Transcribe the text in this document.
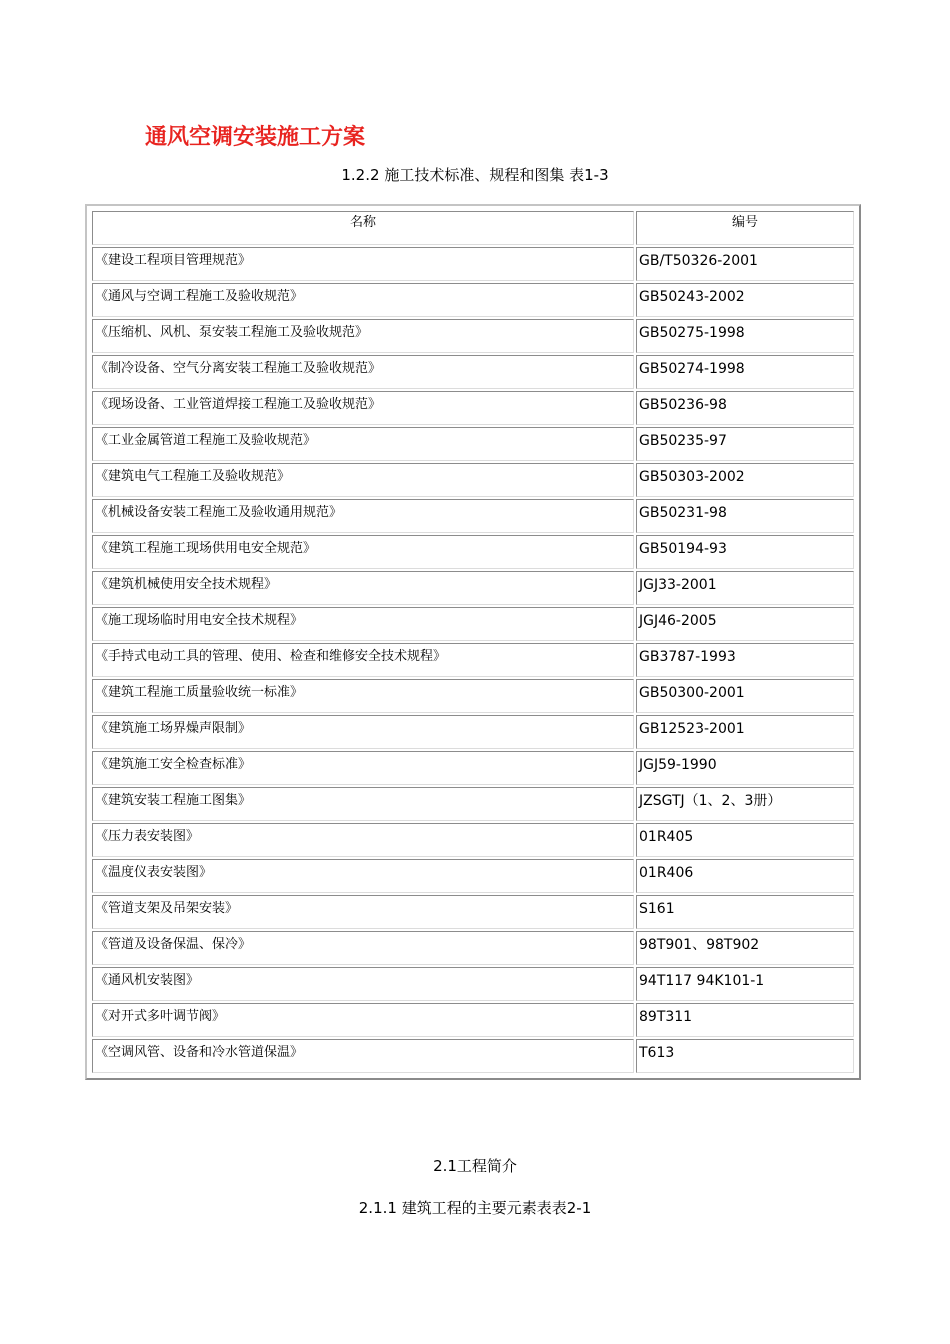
通风空调安装施工方案
1.2.2 施工技术标准、规程和图集 表1-3
名称	编号
《建设工程项目管理规范》	GB/T50326-2001
《通风与空调工程施工及验收规范》	GB50243-2002
《压缩机、风机、泵安装工程施工及验收规范》	GB50275-1998
《制冷设备、空气分离安装工程施工及验收规范》	GB50274-1998
《现场设备、工业管道焊接工程施工及验收规范》	GB50236-98
《工业金属管道工程施工及验收规范》	GB50235-97
《建筑电气工程施工及验收规范》	GB50303-2002
《机械设备安装工程施工及验收通用规范》	GB50231-98
《建筑工程施工现场供用电安全规范》	GB50194-93
《建筑机械使用安全技术规程》	JGJ33-2001
《施工现场临时用电安全技术规程》	JGJ46-2005
《手持式电动工具的管理、使用、检查和维修安全技术规程》	GB3787-1993
《建筑工程施工质量验收统一标准》	GB50300-2001
《建筑施工场界燥声限制》	GB12523-2001
《建筑施工安全检查标准》	JGJ59-1990
《建筑安装工程施工图集》	JZSGTJ（1、2、3册）
《压力表安装图》	01R405
《温度仪表安装图》	01R406
《管道支架及吊架安装》	S161
《管道及设备保温、保冷》	98T901、98T902
《通风机安装图》	94T117 94K101-1
《对开式多叶调节阀》	89T311
《空调风管、设备和冷水管道保温》	T613
2.1工程简介
2.1.1 建筑工程的主要元素表表2-1
